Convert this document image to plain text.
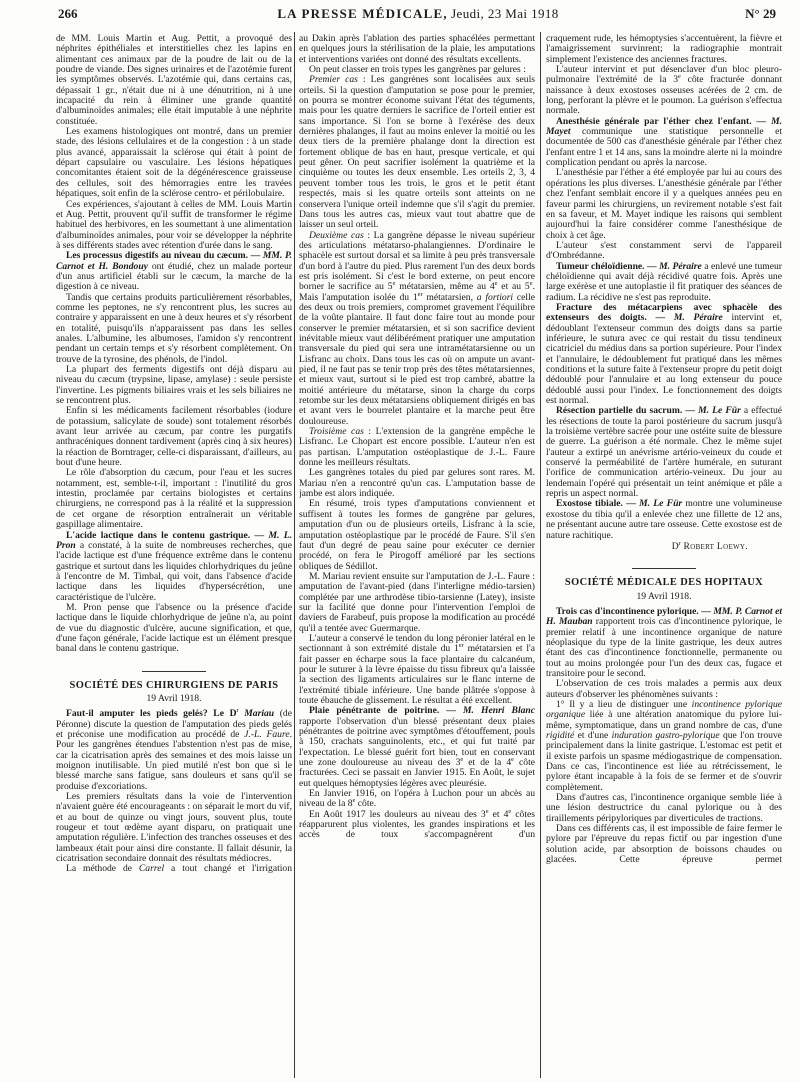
266	LA PRESSE MÉDICALE, Jeudi, 23 Mai 1918	N° 29

de MM. Louis Martin et Aug. Pettit, a provoqué des néphrites épithéliales et interstitielles chez les lapins en alimentant ces animaux par de la poudre de lait ou de la poudre de viande. Des signes urinaires et de l'azotémie furent les symptômes observés. L'azotémie qui, dans certains cas, dépassait 1 gr., n'était due ni à une dénutrition, ni à une incapacité du rein à éliminer une grande quantité d'albuminoïdes animales; elle était imputable à une néphrite constituée.

Les examens histologiques ont montré, dans un premier stade, des lésions cellulaires et de la congestion : à un stade plus avancé, apparaissait la sclérose qui était à point de départ capsulaire ou vasculaire. Les lésions hépatiques concomitantes étaient soit de la dégénérescence graisseuse des cellules, soit des hémorragies entre les travées hépatiques, soit enfin de la sclérose centro- et périlobulaire.

Ces expériences, s'ajoutant à celles de MM. Louis Martin et Aug. Pettit, prouvent qu'il suffit de transformer le régime habituel des herbivores, en les soumettant à une alimentation d'albuminoïdes animales, pour voir se développer la néphrite à ses différents stades avec rétention d'urée dans le sang.

Les processus digestifs au niveau du cæcum. — MM. P. Carnot et H. Bondouy ont étudié, chez un malade porteur d'un anus artificiel établi sur le cæcum, la marche de la digestion à ce niveau.

Tandis que certains produits particulièrement résorbables, comme les peptones, ne s'y rencontrent plus, les sucres au contraire y apparaissent en une à deux heures et s'y résorbent en totalité, puisqu'ils n'apparaissent pas dans les selles anales. L'albumine, les albumoses, l'amidon s'y rencontrent pendant un certain temps et s'y résorbent complètement. On trouve de la tyrosine, des phénols, de l'indol.

La plupart des ferments digestifs ont déjà disparu au niveau du cæcum (trypsine, lipase, amylase) : seule persiste l'invertine. Les pigments biliaires vrais et les sels biliaires ne se rencontrent plus.

Enfin si les médicaments facilement résorbables (iodure de potassium, salicylate de soude) sont totalement résorbés avant leur arrivée au cæcum, par contre les purgatifs anthracéniques donnent tardivement (après cinq à six heures) la réaction de Borntrager, celle-ci disparaissant, d'ailleurs, au bout d'une heure.

Le rôle d'absorption du cæcum, pour l'eau et les sucres notamment, est, semble-t-il, important : l'inutilité du gros intestin, proclamée par certains biologistes et certains chirurgiens, ne correspond pas à la réalité et la suppression de cet organe de résorption entraînerait un véritable gaspillage alimentaire.

L'acide lactique dans le contenu gastrique. — M. L. Pron a constaté, à la suite de nombreuses recherches, que l'acide lactique est d'une fréquence extrême dans le contenu gastrique et surtout dans les liquides chlorhydriques du jeûne à l'encontre de M. Timbal, qui voit, dans l'absence d'acide lactique dans les liquides d'hypersécrétion, une caractéristique de l'ulcère.

M. Pron pense que l'absence ou la présence d'acide lactique dans le liquide chlorhydrique de jeûne n'a, au point de vue du diagnostic d'ulcère, aucune signification, et que, d'une façon générale, l'acide lactique est un élément presque banal dans le contenu gastrique.

SOCIÉTÉ DES CHIRURGIENS DE PARIS

19 Avril 1918.

Faut-il amputer les pieds gelés? Le $D^r$ Mariau (de Péronne) discute la question de l'amputation des pieds gelés et préconise une modification au procédé de J.-L. Faure. Pour les gangrènes étendues l'abstention n'est pas de mise, car la cicatrisation après des semaines et des mois laisse un moignon inutilisable. Un pied mutilé n'est bon que si le blessé marche sans fatigue, sans douleurs et sans qu'il se produise d'excoriations.

Les premiers résultats dans la voie de l'intervention n'avaient guère été encourageants : on séparait le mort du vif, et au bout de quinze ou vingt jours, souvent plus, toute rougeur et tout œdème ayant disparu, on pratiquait une amputation régulière. L'infection des tranches osseuses et des lambeaux était pour ainsi dire constante. Il fallait désunir, la cicatrisation secondaire donnait des résultats médiocres.

La méthode de Carrel a tout changé et l'irrigation

au Dakin après l'ablation des parties sphacélées permettant en quelques jours la stérilisation de la plaie, les amputations et interventions variées ont donné des résultats excellents.

On peut classer en trois types les gangrènes par gelures :

Premier cas : Les gangrènes sont localisées aux seuls orteils. Si la question d'amputation se pose pour le premier, on pourra se montrer économe suivant l'état des téguments, mais pour les quatre derniers le sacrifice de l'orteil entier est sans importance. Si l'on se borne à l'exérèse des deux dernières phalanges, il faut au moins enlever la moitié ou les deux tiers de la première phalange dont la direction est fortement oblique de bas en haut, presque verticale, et qui peut gêner. On peut sacrifier isolément la quatrième et la cinquième ou toutes les deux ensemble. Les orteils 2, 3, 4 peuvent tomber tous les trois, le gros et le petit étant respectés, mais si les quatre orteils sont atteints on ne conservera l'unique orteil indemne que s'il s'agit du premier. Dans tous les autres cas, mieux vaut tout abattre que de laisser un seul orteil.

Deuxième cas : La gangrène dépasse le niveau supérieur des articulations métatarso-phalangiennes. D'ordinaire le sphacèle est surtout dorsal et sa limite à peu près transversale d'un bord à l'autre du pied. Plus rarement l'un des deux bords est pris isolément. Si c'est le bord externe, on peut encore borner le sacrifice au 5e métatarsien, même au 4e et au 5e. Mais l'amputation isolée du 1er métatarsien, a fortiori celle des deux ou trois premiers, compromet gravement l'équilibre de la voûte plantaire. Il faut donc faire tout au monde pour conserver le premier métatarsien, et si son sacrifice devient inévitable mieux vaut délibérément pratiquer une amputation transversale du pied qui sera une intramétatarsienne ou un Lisfranc au choix. Dans tous les cas où on ampute un avant-pied, il ne faut pas se tenir trop près des têtes métatarsiennes, et mieux vaut, surtout si le pied est trop cambré, abattre la moitié antérieure du métatarse, sinon la charge du corps retombe sur les deux métatarsiens obliquement dirigés en bas et avant vers le bourrelet plantaire et la marche peut être douloureuse.

Troisième cas : L'extension de la gangrène empêche le Lisfranc. Le Chopart est encore possible. L'auteur n'en est pas partisan. L'amputation ostéoplastique de J.-L. Faure donne les meilleurs résultats.

Les gangrènes totales du pied par gelures sont rares. M. Mariau n'en a rencontré qu'un cas. L'amputation basse de jambe est alors indiquée.

En résumé, trois types d'amputations conviennent et suffisent à toutes les formes de gangrène par gelures, amputation d'un ou de plusieurs orteils, Lisfranc à la scie, amputation ostéoplastique par le procédé de Faure. S'il s'en faut d'un degré de peau saine pour exécuter ce dernier procédé, on fera le Pirogoff amélioré par les sections obliques de Sédillot.

M. Mariau revient ensuite sur l'amputation de J.-L. Faure : amputation de l'avant-pied (dans l'interligne médio-tarsien) complétée par une arthrodèse tibio-tarsienne (Latey), insiste sur la facilité que donne pour l'intervention l'emploi de daviers de Farabeuf, puis propose la modification au procédé qu'il a tentée avec Guermarque.

L'auteur a conservé le tendon du long péronier latéral en le sectionnant à son extrémité distale du 1er métatarsien et l'a fait passer en écharpe sous la face plantaire du calcanéum, pour le suturer à la lèvre épaisse du tissu fibreux qu'a laissée la section des ligaments articulaires sur le flanc interne de l'extrémité tibiale inférieure. Une bande plâtrée s'oppose à toute ébauche de glissement. Le résultat a été excellent.

Plaie pénétrante de poitrine. — M. Henri Blanc rapporte l'observation d'un blessé présentant deux plaies pénétrantes de poitrine avec symptômes d'étouffement, pouls à 150, crachats sanguinolents, etc., et qui fut traité par l'expectation. Le blessé guérit fort bien, tout en conservant une zone douloureuse au niveau des 3e et de la 4e côte fracturées. Ceci se passait en Janvier 1915. En Août, le sujet eut quelques hémoptysies légères avec pleurésie.

En Janvier 1916, on l'opéra à Luchon pour un abcès au niveau de la 8e côte.

En Août 1917 les douleurs au niveau des 3e et 4e côtes réapparurent plus violentes, les grandes inspirations et les accès de toux s'accompagnèrent d'un

craquement rude, les hémoptysies s'accentuèrent, la fièvre et l'amaigrissement survinrent; la radiographie montrait simplement l'existence des anciennes fractures.

L'auteur intervint et put désenclaver d'un bloc pleuro-pulmonaire l'extrémité de la 3e côte fracturée donnant naissance à deux exostoses osseuses acérées de 2 cm. de long, perforant la plèvre et le poumon. La guérison s'effectua normale.

Anesthésie générale par l'éther chez l'enfant. — M. Mayet communique une statistique personnelle et documentée de 500 cas d'anesthésie générale par l'éther chez l'enfant entre 1 et 14 ans, sans la moindre alerte ni la moindre complication pendant ou après la narcose.

L'anesthésie par l'éther a été employée par lui au cours des opérations les plus diverses. L'anesthésie générale par l'éther chez l'enfant semblait encore il y a quelques années peu en faveur parmi les chirurgiens, un revirement notable s'est fait en sa faveur, et M. Mayet indique les raisons qui semblent aujourd'hui la faire considérer comme l'anesthésique de choix à cet âge.

L'auteur s'est constamment servi de l'appareil d'Ombrédanne.

Tumeur chéloïdienne. — M. Péraire a enlevé une tumeur chéloïdienne qui avait déjà récidivé quatre fois. Après une large exérèse et une autoplastie il fit pratiquer des séances de radium. La récidive ne s'est pas reproduite.

Fracture des métacarpiens avec sphacèle des extenseurs des doigts. — M. Péraire intervint et, dédoublant l'extenseur commun des doigts dans sa partie inférieure, le sutura avec ce qui restait du tissu tendineux cicatriciel du médius dans sa portion supérieure. Pour l'index et l'annulaire, le dédoublement fut pratiqué dans les mêmes conditions et la suture faite à l'extenseur propre du petit doigt dédoublé pour l'annulaire et au long extenseur du pouce dédoublé aussi pour l'index. Le fonctionnement des doigts est normal.

Résection partielle du sacrum. — M. Le Für a effectué les résections de toute la paroi postérieure du sacrum jusqu'à la troisième vertèbre sacrée pour une ostéite suite de blessure de guerre. La guérison a été normale. Chez le même sujet l'auteur a extirpé un anévrisme artério-veineux du coude et conservé la perméabilité de l'artère humérale, en suturant l'orifice de communication artério-veineux. Du jour au lendemain l'opéré qui présentait un teint anémique et pâle a repris un aspect normal.

Exostose tibiale. — M. Le Für montre une volumineuse exostose du tibia qu'il a enlevée chez une fillette de 12 ans, ne présentant aucune autre tare osseuse. Cette exostose est de nature rachitique.

$D^r$ Robert Loewy.

SOCIÉTÉ MÉDICALE DES HOPITAUX

19 Avril 1918.

Trois cas d'incontinence pylorique. — MM. P. Carnot et H. Mauban rapportent trois cas d'incontinence pylorique, le premier relatif à une incontinence organique de nature néoplasique du type de la linite gastrique, les deux autres étant des cas d'incontinence fonctionnelle, permanente ou tout au moins prolongée pour l'un des deux cas, fugace et transitoire pour le second.

L'observation de ces trois malades a permis aux deux auteurs d'observer les phénomènes suivants :

1° Il y a lieu de distinguer une incontinence pylorique organique liée à une altération anatomique du pylore lui-même, symptomatique, dans un grand nombre de cas, d'une rigidité et d'une induration gastro-pylorique que l'on trouve principalement dans la linite gastrique. L'estomac est petit et il existe parfois un spasme médiogastrique de compensation. Dans ce cas, l'incontinence est liée au rétrécissement, le pylore étant incapable à la fois de se fermer et de s'ouvrir complètement.

Dans d'autres cas, l'incontinence organique semble liée à une lésion destructrice du canal pylorique ou à des tiraillements péripyloriques par diverticules de tractions.

Dans ces différents cas, il est impossible de faire fermer le pylore par l'épreuve du repas fictif ou par ingestion d'une solution acide, par absorption de boissons chaudes ou glacées. Cette épreuve permet
